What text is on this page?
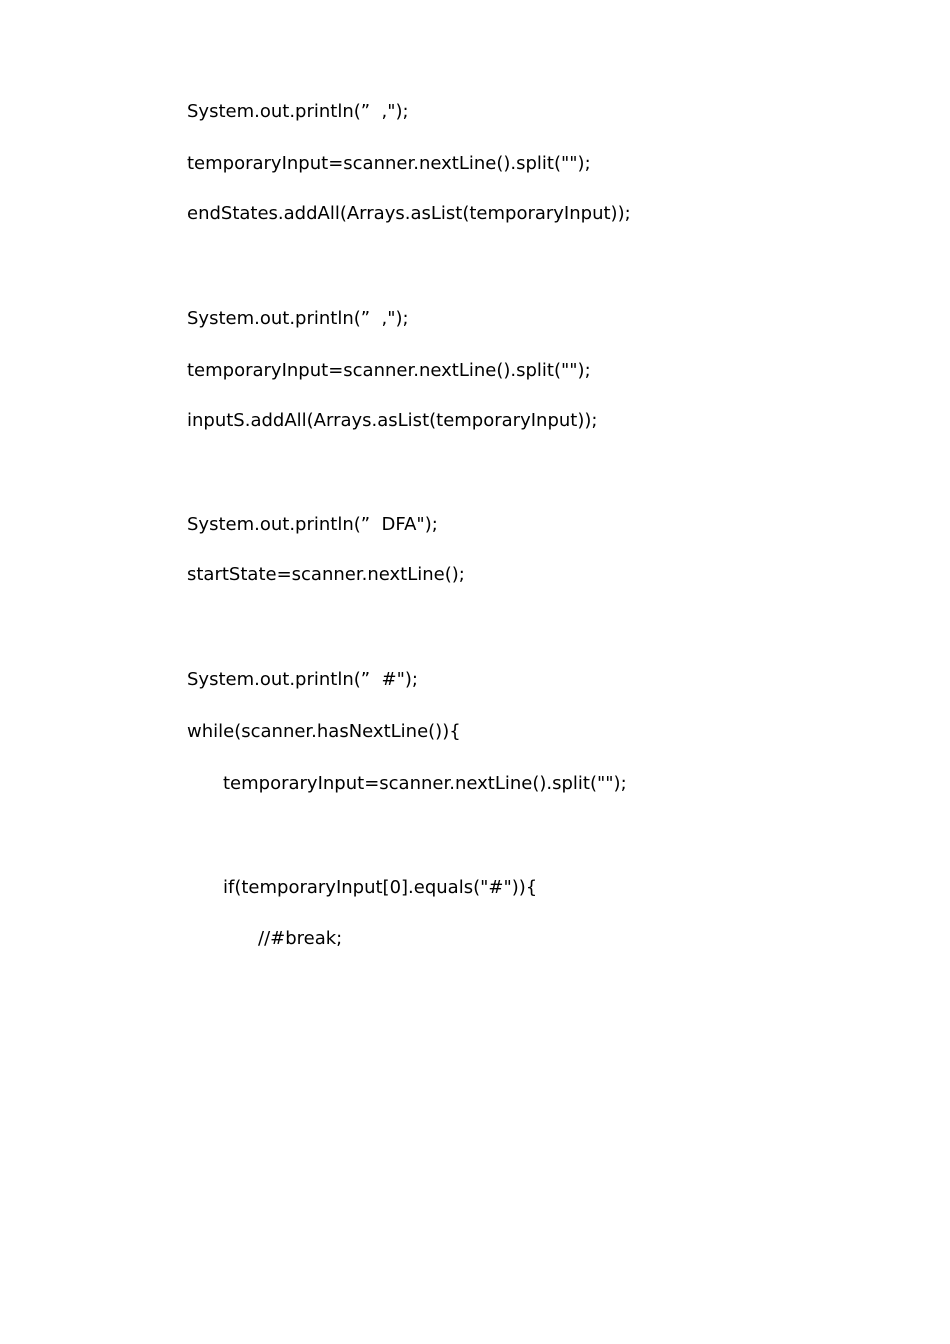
System.out.println(”  ,");
temporaryInput=scanner.nextLine().split("");
endStates.addAll(Arrays.asList(temporaryInput));
System.out.println(”  ,");
temporaryInput=scanner.nextLine().split("");
inputS.addAll(Arrays.asList(temporaryInput));
System.out.println(”  DFA");
startState=scanner.nextLine();
System.out.println(”  #");
while(scanner.hasNextLine()){
temporaryInput=scanner.nextLine().split("");
if(temporaryInput[0].equals("#")){
//#break;
